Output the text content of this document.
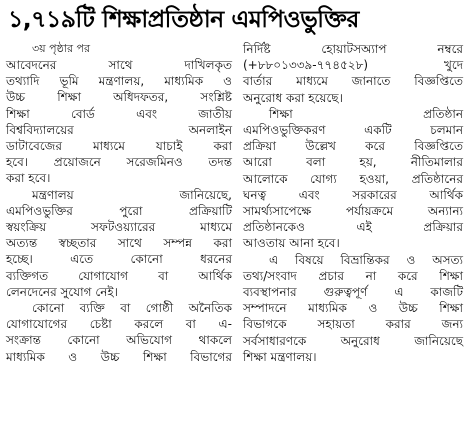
১,৭১৯টি শিক্ষাপ্রতিষ্ঠান এমপিওভুক্তির
৩য় পৃষ্ঠার পর

আবেদনের সাথে দাখিলকৃত

তথ্যাদি ভূমি মন্ত্রণালয়, মাধ্যমিক ও

উচ্চ শিক্ষা অধিদফতর, সংশ্লিষ্ট

শিক্ষা বোর্ড এবং জাতীয়

বিশ্ববিদ্যালয়ের অনলাইন

ডাটাবেজের মাধ্যমে যাচাই করা

হবে। প্রয়োজনে সরেজমিনও তদন্ত

করা হবে।

মন্ত্রণালয় জানিয়েছে,

এমপিওভুক্তির পুরো প্রক্রিয়াটি

স্বয়ংক্রিয় সফটওয়্যারের মাধ্যমে

অত্যন্ত স্বচ্ছতার সাথে সম্পন্ন করা

হচ্ছে। এতে কোনো ধরনের

ব্যক্তিগত যোগাযোগ বা আর্থিক

লেনদেনের সুযোগ নেই।

কোনো ব্যক্তি বা গোষ্ঠী অনৈতিক

যোগাযোগের চেষ্টা করলে বা এ-

সংক্রান্ত কোনো অভিযোগ থাকলে

মাধ্যমিক ও উচ্চ শিক্ষা বিভাগের

নির্দিষ্ট হোয়াটসঅ্যাপ নম্বরে

(+৮৮০১৩৩৯-৭৭৪৫২৮) খুদে

বার্তার মাধ্যমে জানাতে বিজ্ঞপ্তিতে

অনুরোধ করা হয়েছে।

শিক্ষা প্রতিষ্ঠান

এমপিওভুক্তিকরণ একটি চলমান

প্রক্রিয়া উল্লেখ করে বিজ্ঞপ্তিতে

আরো বলা হয়, নীতিমালার

আলোকে যোগ্য হওয়া, প্রতিষ্ঠানের

ঘনত্ব এবং সরকারের আর্থিক

সামর্থ্যসাপেক্ষে পর্যায়ক্রমে অন্যান্য

প্রতিষ্ঠানকেও এই প্রক্রিয়ার

আওতায় আনা হবে।

এ বিষয়ে বিভ্রান্তিকর ও অসত্য

তথ্য/সংবাদ প্রচার না করে শিক্ষা

ব্যবস্থাপনার গুরুত্বপূর্ণ এ কাজটি

সম্পাদনে মাধ্যমিক ও উচ্চ শিক্ষা

বিভাগকে সহায়তা করার জন্য

সর্বসাধারণকে অনুরোধ জানিয়েছে

শিক্ষা মন্ত্রণালয়।
